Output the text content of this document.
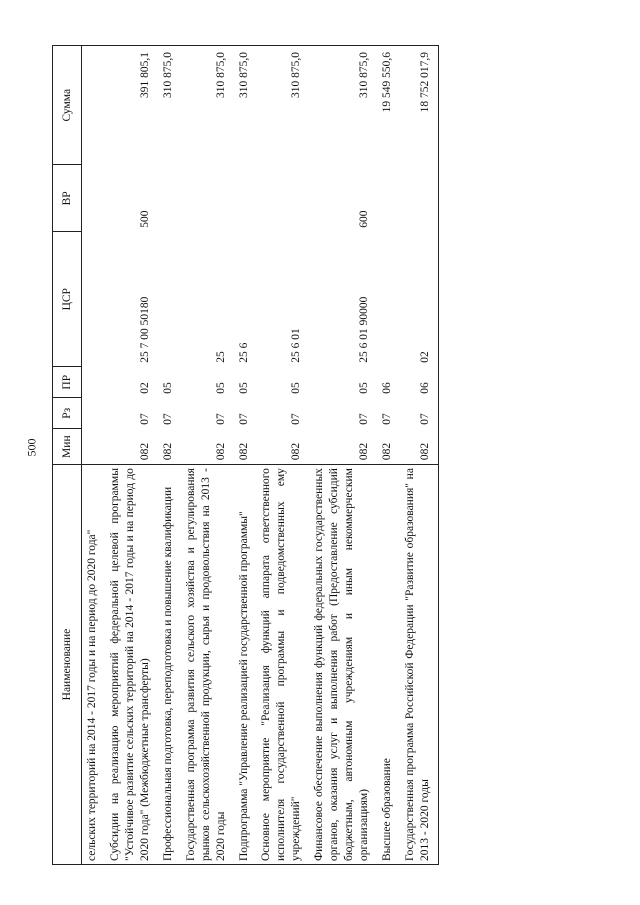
500
Наименование	Мин	Рз	ПР	ЦСР	ВР	Сумма
сельских территорий на 2014 - 2017 годы и на период до 2020 года"						
Субсидии на реализацию мероприятий федеральной целевой программы "Устойчивое развитие сельских территорий на 2014 - 2017 годы и на период до 2020 года" (Межбюджетные трансферты)	082	07	02	25 7 00 50180	500	391 805,1
Профессиональная подготовка, переподготовка и повышение квалификации	082	07	05			310 875,0
Государственная программа развития сельского хозяйства и регулирования рынков сельскохозяйственной продукции, сырья и продовольствия на 2013 - 2020 годы	082	07	05	25		310 875,0
Подпрограмма "Управление реализацией государственной программы"	082	07	05	25 6		310 875,0
Основное мероприятие "Реализация функций аппарата ответственного исполнителя государственной программы и подведомственных ему учреждений"	082	07	05	25 6 01		310 875,0
Финансовое обеспечение выполнения функций федеральных государственных органов, оказания услуг и выполнения работ (Предоставление субсидий бюджетным, автономным учреждениям и иным некоммерческим организациям)	082	07	05	25 6 01 90000	600	310 875,0
Высшее образование	082	07	06			19 549 550,6
Государственная программа Российской Федерации "Развитие образования" на 2013 - 2020 годы	082	07	06	02		18 752 017,9
